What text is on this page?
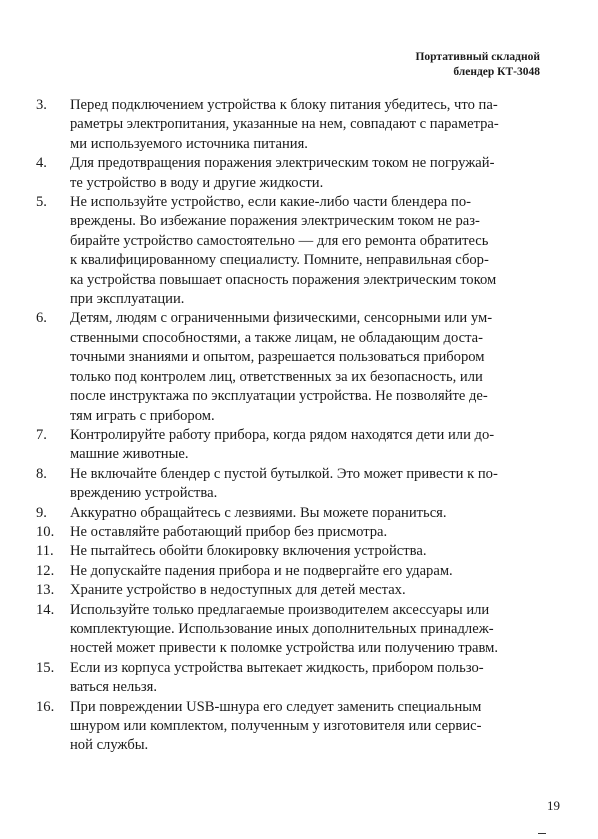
Портативный складной
блендер КТ-3048
3.	Перед подключением устройства к блоку питания убедитесь, что па-
раметры электропитания, указанные на нем, совпадают с параметра-
ми используемого источника питания.
4.	Для предотвращения поражения электрическим током не погружай-
те устройство в воду и другие жидкости.
5.	Не используйте устройство, если какие-либо части блендера по-
вреждены. Во избежание поражения электрическим током не раз-
бирайте устройство самостоятельно — для его ремонта обратитесь
к квалифицированному специалисту. Помните, неправильная сбор-
ка устройства повышает опасность поражения электрическим током
при эксплуатации.
6.	Детям, людям с ограниченными физическими, сенсорными или ум-
ственными способностями, а также лицам, не обладающим доста-
точными знаниями и опытом, разрешается пользоваться прибором
только под контролем лиц, ответственных за их безопасность, или
после инструктажа по эксплуатации устройства. Не позволяйте де-
тям играть с прибором.
7.	Контролируйте работу прибора, когда рядом находятся дети или до-
машние животные.
8.	Не включайте блендер с пустой бутылкой. Это может привести к по-
вреждению устройства.
9.	Аккуратно обращайтесь с лезвиями. Вы можете пораниться.
10.	Не оставляйте работающий прибор без присмотра.
11.	Не пытайтесь обойти блокировку включения устройства.
12.	Не допускайте падения прибора и не подвергайте его ударам.
13.	Храните устройство в недоступных для детей местах.
14.	Используйте только предлагаемые производителем аксессуары или
комплектующие. Использование иных дополнительных принадлеж-
ностей может привести к поломке устройства или получению травм.
15.	Если из корпуса устройства вытекает жидкость, прибором пользо-
ваться нельзя.
16.	При повреждении USB-шнура его следует заменить специальным
шнуром или комплектом, полученным у изготовителя или сервис-
ной службы.
19
